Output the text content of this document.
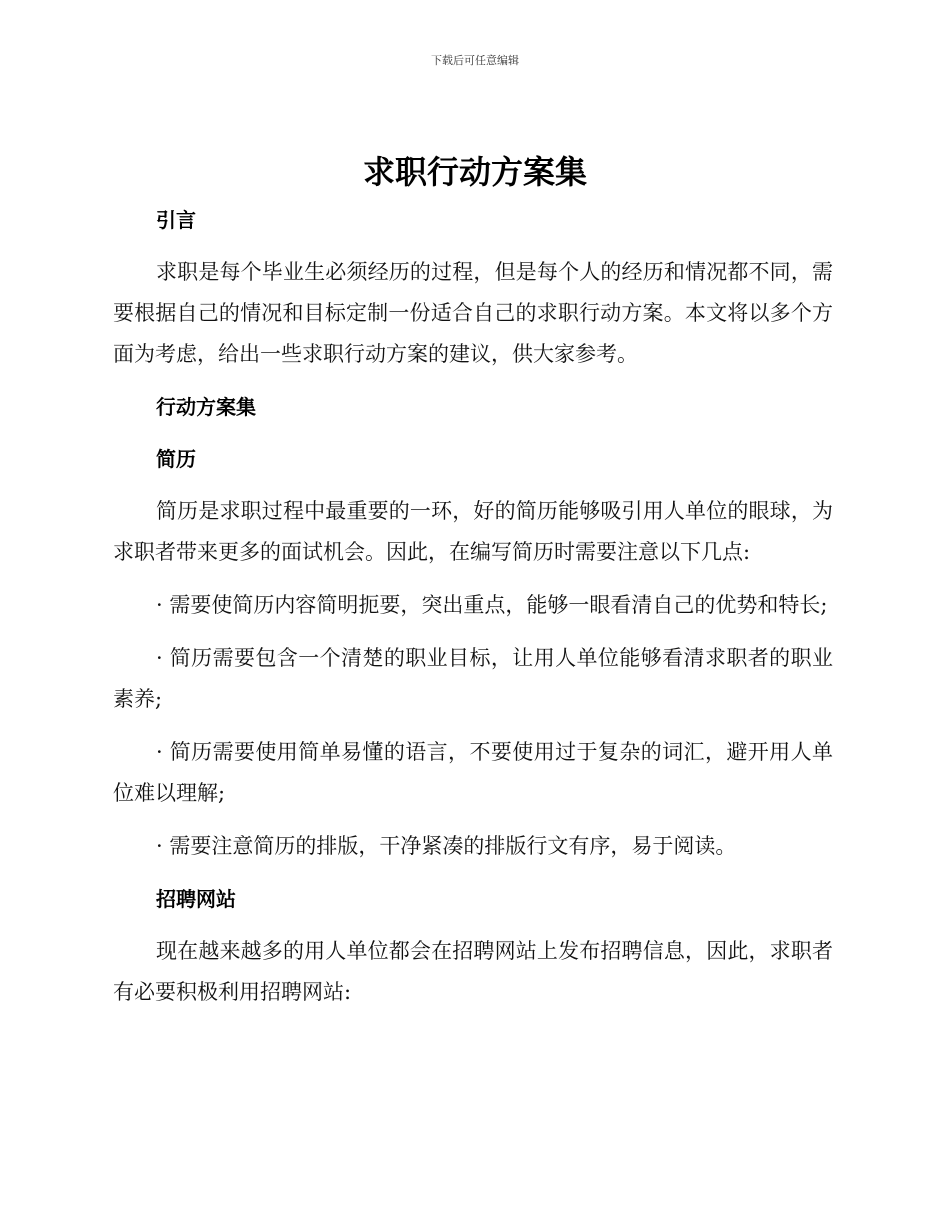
下载后可任意编辑
求职行动方案集
引言

求职是每个毕业生必须经历的过程，但是每个人的经历和情况都不同，需要根据自己的情况和目标定制一份适合自己的求职行动方案。本文将以多个方面为考虑，给出一些求职行动方案的建议，供大家参考。

行动方案集
简历

简历是求职过程中最重要的一环，好的简历能够吸引用人单位的眼球，为求职者带来更多的面试机会。因此，在编写简历时需要注意以下几点:

· 需要使简历内容简明扼要，突出重点，能够一眼看清自己的优势和特长;

· 简历需要包含一个清楚的职业目标，让用人单位能够看清求职者的职业素养;

· 简历需要使用简单易懂的语言，不要使用过于复杂的词汇，避开用人单位难以理解;

· 需要注意简历的排版，干净紧凑的排版行文有序，易于阅读。

招聘网站

现在越来越多的用人单位都会在招聘网站上发布招聘信息，因此，求职者有必要积极利用招聘网站:
